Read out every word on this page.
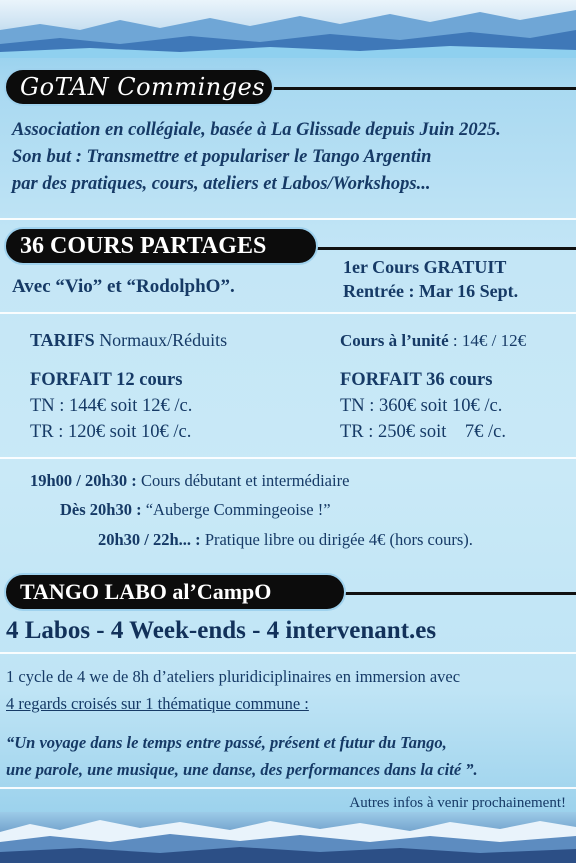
GoTAN Comminges
Association en collégiale, basée à La Glissade depuis Juin 2025.
Son but : Transmettre et populariser le Tango Argentin
par des pratiques, cours, ateliers et Labos/Workshops...
36 COURS PARTAGES
Avec “Vio” et “RodolphO”.
1er Cours GRATUIT
Rentrée : Mar 16 Sept.
TARIFS Normaux/Réduits	Cours à l’unité : 14€ / 12€
FORFAIT 12 cours
TN : 144€ soit 12€ /c.
TR : 120€ soit 10€ /c.
FORFAIT 36 cours
TN : 360€ soit 10€ /c.
TR : 250€ soit    7€ /c.
19h00 / 20h30 : Cours débutant et intermédiaire
Dès 20h30 : “Auberge Commingeoise !”
20h30 / 22h... : Pratique libre ou dirigée 4€ (hors cours).
TANGO LABO al’CampO
4 Labos - 4 Week-ends - 4 intervenant.es
1 cycle de 4 we de 8h d’ateliers pluridiciplinaires en immersion avec
4 regards croisés sur 1 thématique commune :
“Un voyage dans le temps entre passé, présent et futur du Tango,
une parole, une musique, une danse, des performances dans la cité ”.
Autres infos à venir prochainement!
